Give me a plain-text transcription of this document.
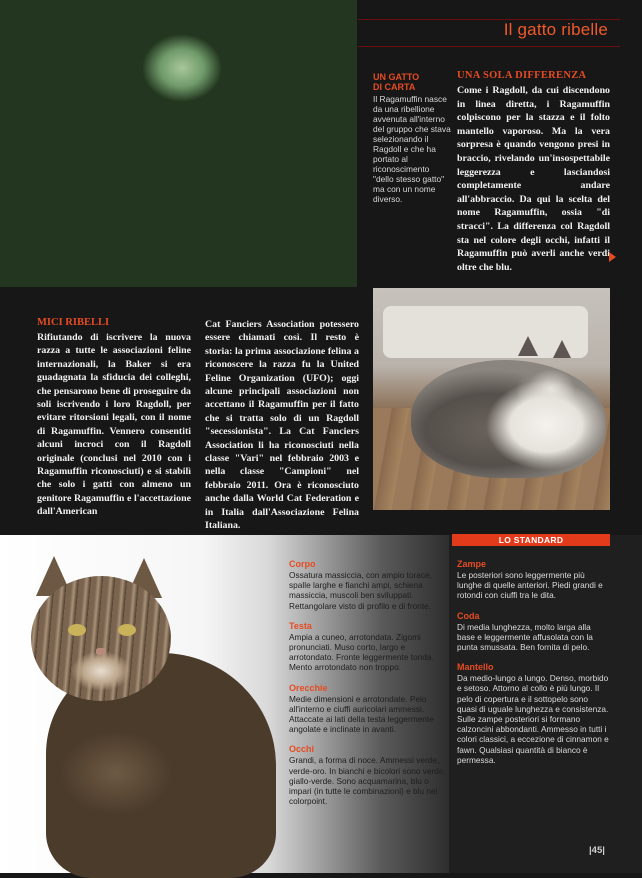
Il gatto ribelle
UN GATTO
DI CARTA
Il Ragamuffin nasce da una ribellione avvenuta all'interno del gruppo che stava selezionando il Ragdoll e che ha portato al riconoscimento "dello stesso gatto" ma con un nome diverso.
UNA SOLA DIFFERENZA
Come i Ragdoll, da cui discendono in linea diretta, i Ragamuffin colpiscono per la stazza e il folto mantello vaporoso. Ma la vera sorpresa è quando vengono presi in braccio, rivelando un'insospettabile leggerezza e lasciandosi completamente andare all'abbraccio. Da qui la scelta del nome Ragamuffin, ossia "di stracci". La differenza col Ragdoll sta nel colore degli occhi, infatti il Ragamuffin può averli anche verdi oltre che blu.
MICI RIBELLI

Rifiutando di iscrivere la nuova razza a tutte le associazioni feline internazionali, la Baker si era guadagnata la sfiducia dei colleghi, che pensarono bene di proseguire da soli iscrivendo i loro Ragdoll, per evitare ritorsioni legali, con il nome di Ragamuffin. Vennero consentiti alcuni incroci con il Ragdoll originale (conclusi nel 2010 con i Ragamuffin riconosciuti) e si stabilì che solo i gatti con almeno un genitore Ragamuffin e l'accettazione dall'American

Cat Fanciers Association potessero essere chiamati così. Il resto è storia: la prima associazione felina a riconoscere la razza fu la United Feline Organization (UFO); oggi alcune principali associazioni non accettano il Ragamuffin per il fatto che si tratta solo di un Ragdoll "secessionista". La Cat Fanciers Association li ha riconosciuti nella classe "Vari" nel febbraio 2003 e nella classe "Campioni" nel febbraio 2011. Ora è riconosciuto anche dalla World Cat Federation e in Italia dall'Associazione Felina Italiana.

LO STANDARD

Corpo

Ossatura massiccia, con ampio torace, spalle larghe e fianchi ampi, schiena massiccia, muscoli ben sviluppati. Rettangolare visto di profilo e di fronte.

Testa

Ampia a cuneo, arrotondata. Zigomi pronunciati. Muso corto, largo e arrotondato. Fronte leggermente tonda. Mento arrotondato non troppo.

Orecchie

Medie dimensioni e arrotondate. Pelo all'interno e ciuffi auricolari ammessi. Attaccate ai lati della testa leggermente angolate e inclinate in avanti.

Occhi

Grandi, a forma di noce. Ammessi verde, verde-oro. In bianchi e bicolori sono verde, giallo-verde. Sono acquamarina, blu o impari (in tutte le combinazioni) e blu nei colorpoint.

Zampe

Le posteriori sono leggermente più lunghe di quelle anteriori. Piedi grandi e rotondi con ciuffi tra le dita.

Coda

Di media lunghezza, molto larga alla base e leggermente affusolata con la punta smussata. Ben fornita di pelo.

Mantello

Da medio-lungo a lungo. Denso, morbido e setoso. Attorno al collo è più lungo. Il pelo di copertura e il sottopelo sono quasi di uguale lunghezza e consistenza. Sulle zampe posteriori si formano calzoncini abbondanti. Ammesso in tutti i colori classici, a eccezione di cinnamon e fawn. Qualsiasi quantità di bianco è permessa.

|45|
